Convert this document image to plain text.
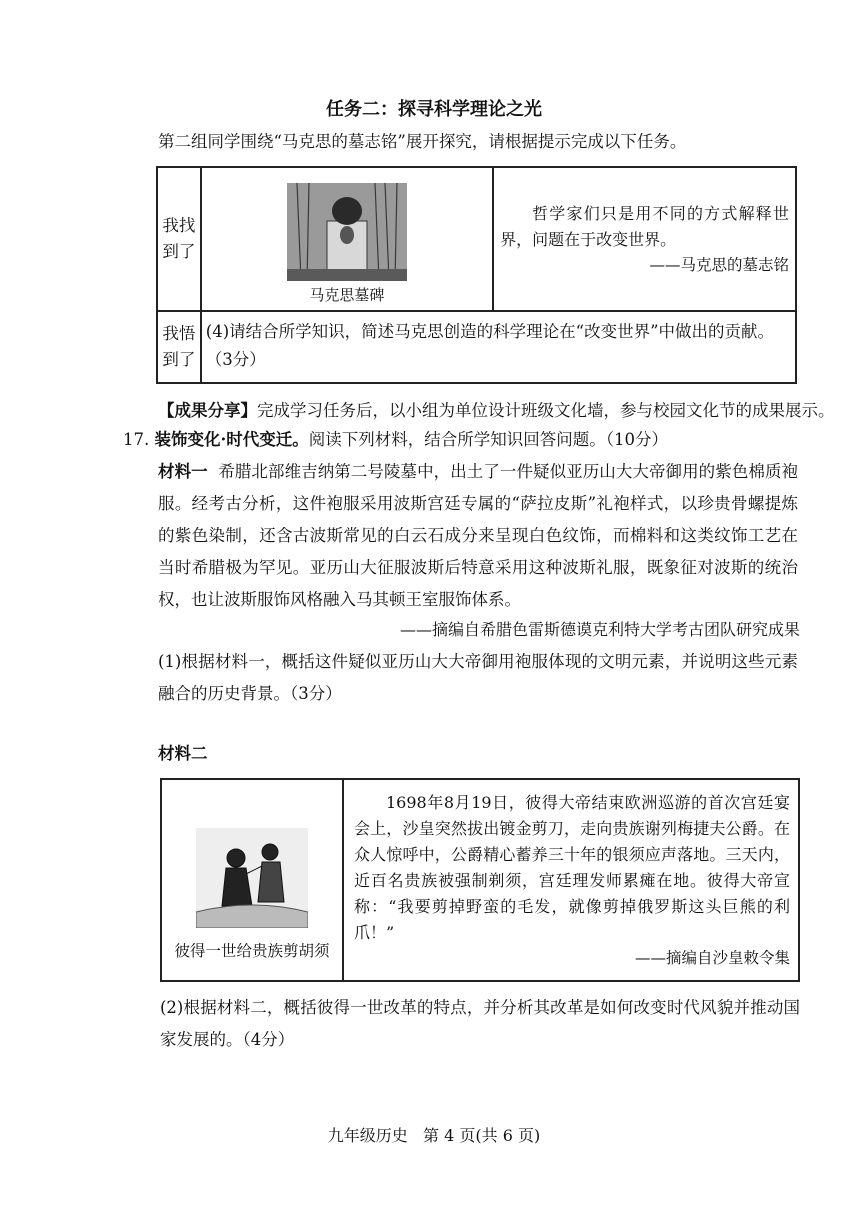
任务二：探寻科学理论之光
第二组同学围绕“马克思的墓志铭”展开探究，请根据提示完成以下任务。
我找到了	马克思墓碑	哲学家们只是用不同的方式解释世界，问题在于改变世界。
——马克思的墓志铭

我悟到了	(4)请结合所学知识，简述马克思创造的科学理论在“改变世界”中做出的贡献。（3分）	
【成果分享】完成学习任务后，以小组为单位设计班级文化墙，参与校园文化节的成果展示。
17. 装饰变化·时代变迁。阅读下列材料，结合所学知识回答问题。（10分）
材料一 希腊北部维吉纳第二号陵墓中，出土了一件疑似亚历山大大帝御用的紫色棉质袍服。经考古分析，这件袍服采用波斯宫廷专属的“萨拉皮斯”礼袍样式，以珍贵骨螺提炼的紫色染制，还含古波斯常见的白云石成分来呈现白色纹饰，而棉料和这类纹饰工艺在当时希腊极为罕见。亚历山大征服波斯后特意采用这种波斯礼服，既象征对波斯的统治权，也让波斯服饰风格融入马其顿王室服饰体系。
——摘编自希腊色雷斯德谟克利特大学考古团队研究成果
(1)根据材料一，概括这件疑似亚历山大大帝御用袍服体现的文明元素，并说明这些元素融合的历史背景。（3分）
材料二
彼得一世给贵族剪胡须

1698年8月19日，彼得大帝结束欧洲巡游的首次宫廷宴会上，沙皇突然拔出镀金剪刀，走向贵族谢列梅捷夫公爵。在众人惊呼中，公爵精心蓄养三十年的银须应声落地。三天内，近百名贵族被强制剃须，宫廷理发师累瘫在地。彼得大帝宣称：“我要剪掉野蛮的毛发，就像剪掉俄罗斯这头巨熊的利爪！”
——摘编自沙皇敕令集
(2)根据材料二，概括彼得一世改革的特点，并分析其改革是如何改变时代风貌并推动国家发展的。（4分）
九年级历史 第 4 页(共 6 页)
